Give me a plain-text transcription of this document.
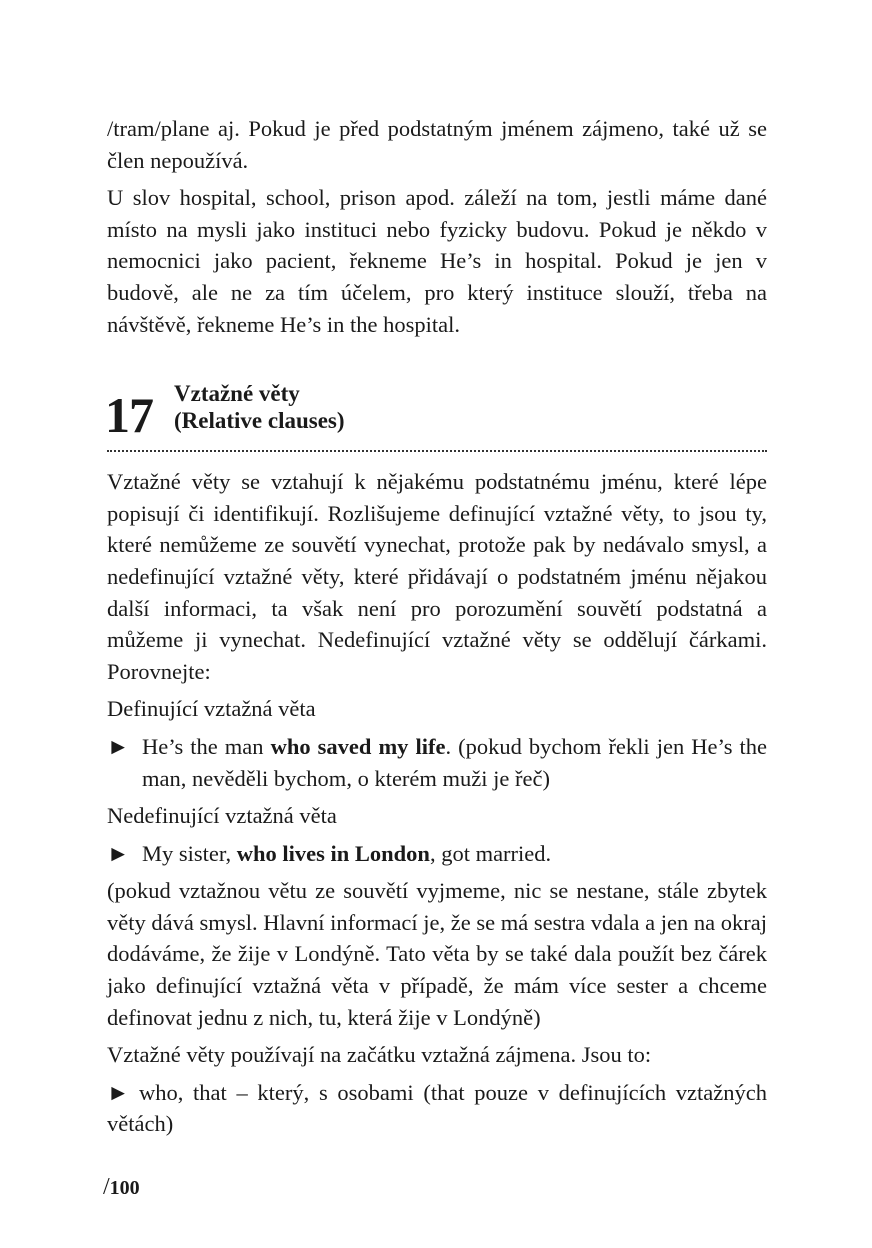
/tram/plane aj. Pokud je před podstatným jménem zájmeno, také už se člen nepoužívá.

U slov hospital, school, prison apod. záleží na tom, jestli máme dané místo na mysli jako instituci nebo fyzicky budovu. Pokud je někdo v nemocnici jako pacient, řekneme He’s in hospital. Pokud je jen v budově, ale ne za tím účelem, pro který instituce slouží, třeba na návštěvě, řekneme He’s in the hospital.

17 Vztažné věty
(Relative clauses)

Vztažné věty se vztahují k nějakému podstatnému jménu, které lépe popisují či identifikují. Rozlišujeme definující vztažné věty, to jsou ty, které nemůžeme ze souvětí vynechat, protože pak by nedávalo smysl, a nedefinující vztažné věty, které přidávají o podstatném jménu nějakou další informaci, ta však není pro porozumění souvětí podstatná a můžeme ji vynechat. Nedefinující vztažné věty se oddělují čárkami. Porovnejte:

Definující vztažná věta

► He’s the man who saved my life. (pokud bychom řekli jen He’s the man, nevěděli bychom, o kterém muži je řeč)

Nedefinující vztažná věta

► My sister, who lives in London, got married.

(pokud vztažnou větu ze souvětí vyjmeme, nic se nestane, stále zbytek věty dává smysl. Hlavní informací je, že se má sestra vdala a jen na okraj dodáváme, že žije v Londýně. Tato věta by se také dala použít bez čárek jako definující vztažná věta v případě, že mám více sester a chceme definovat jednu z nich, tu, která žije v Londýně)

Vztažné věty používají na začátku vztažná zájmena. Jsou to:

► who, that – který, s osobami (that pouze v definujících vztažných větách)

/100
